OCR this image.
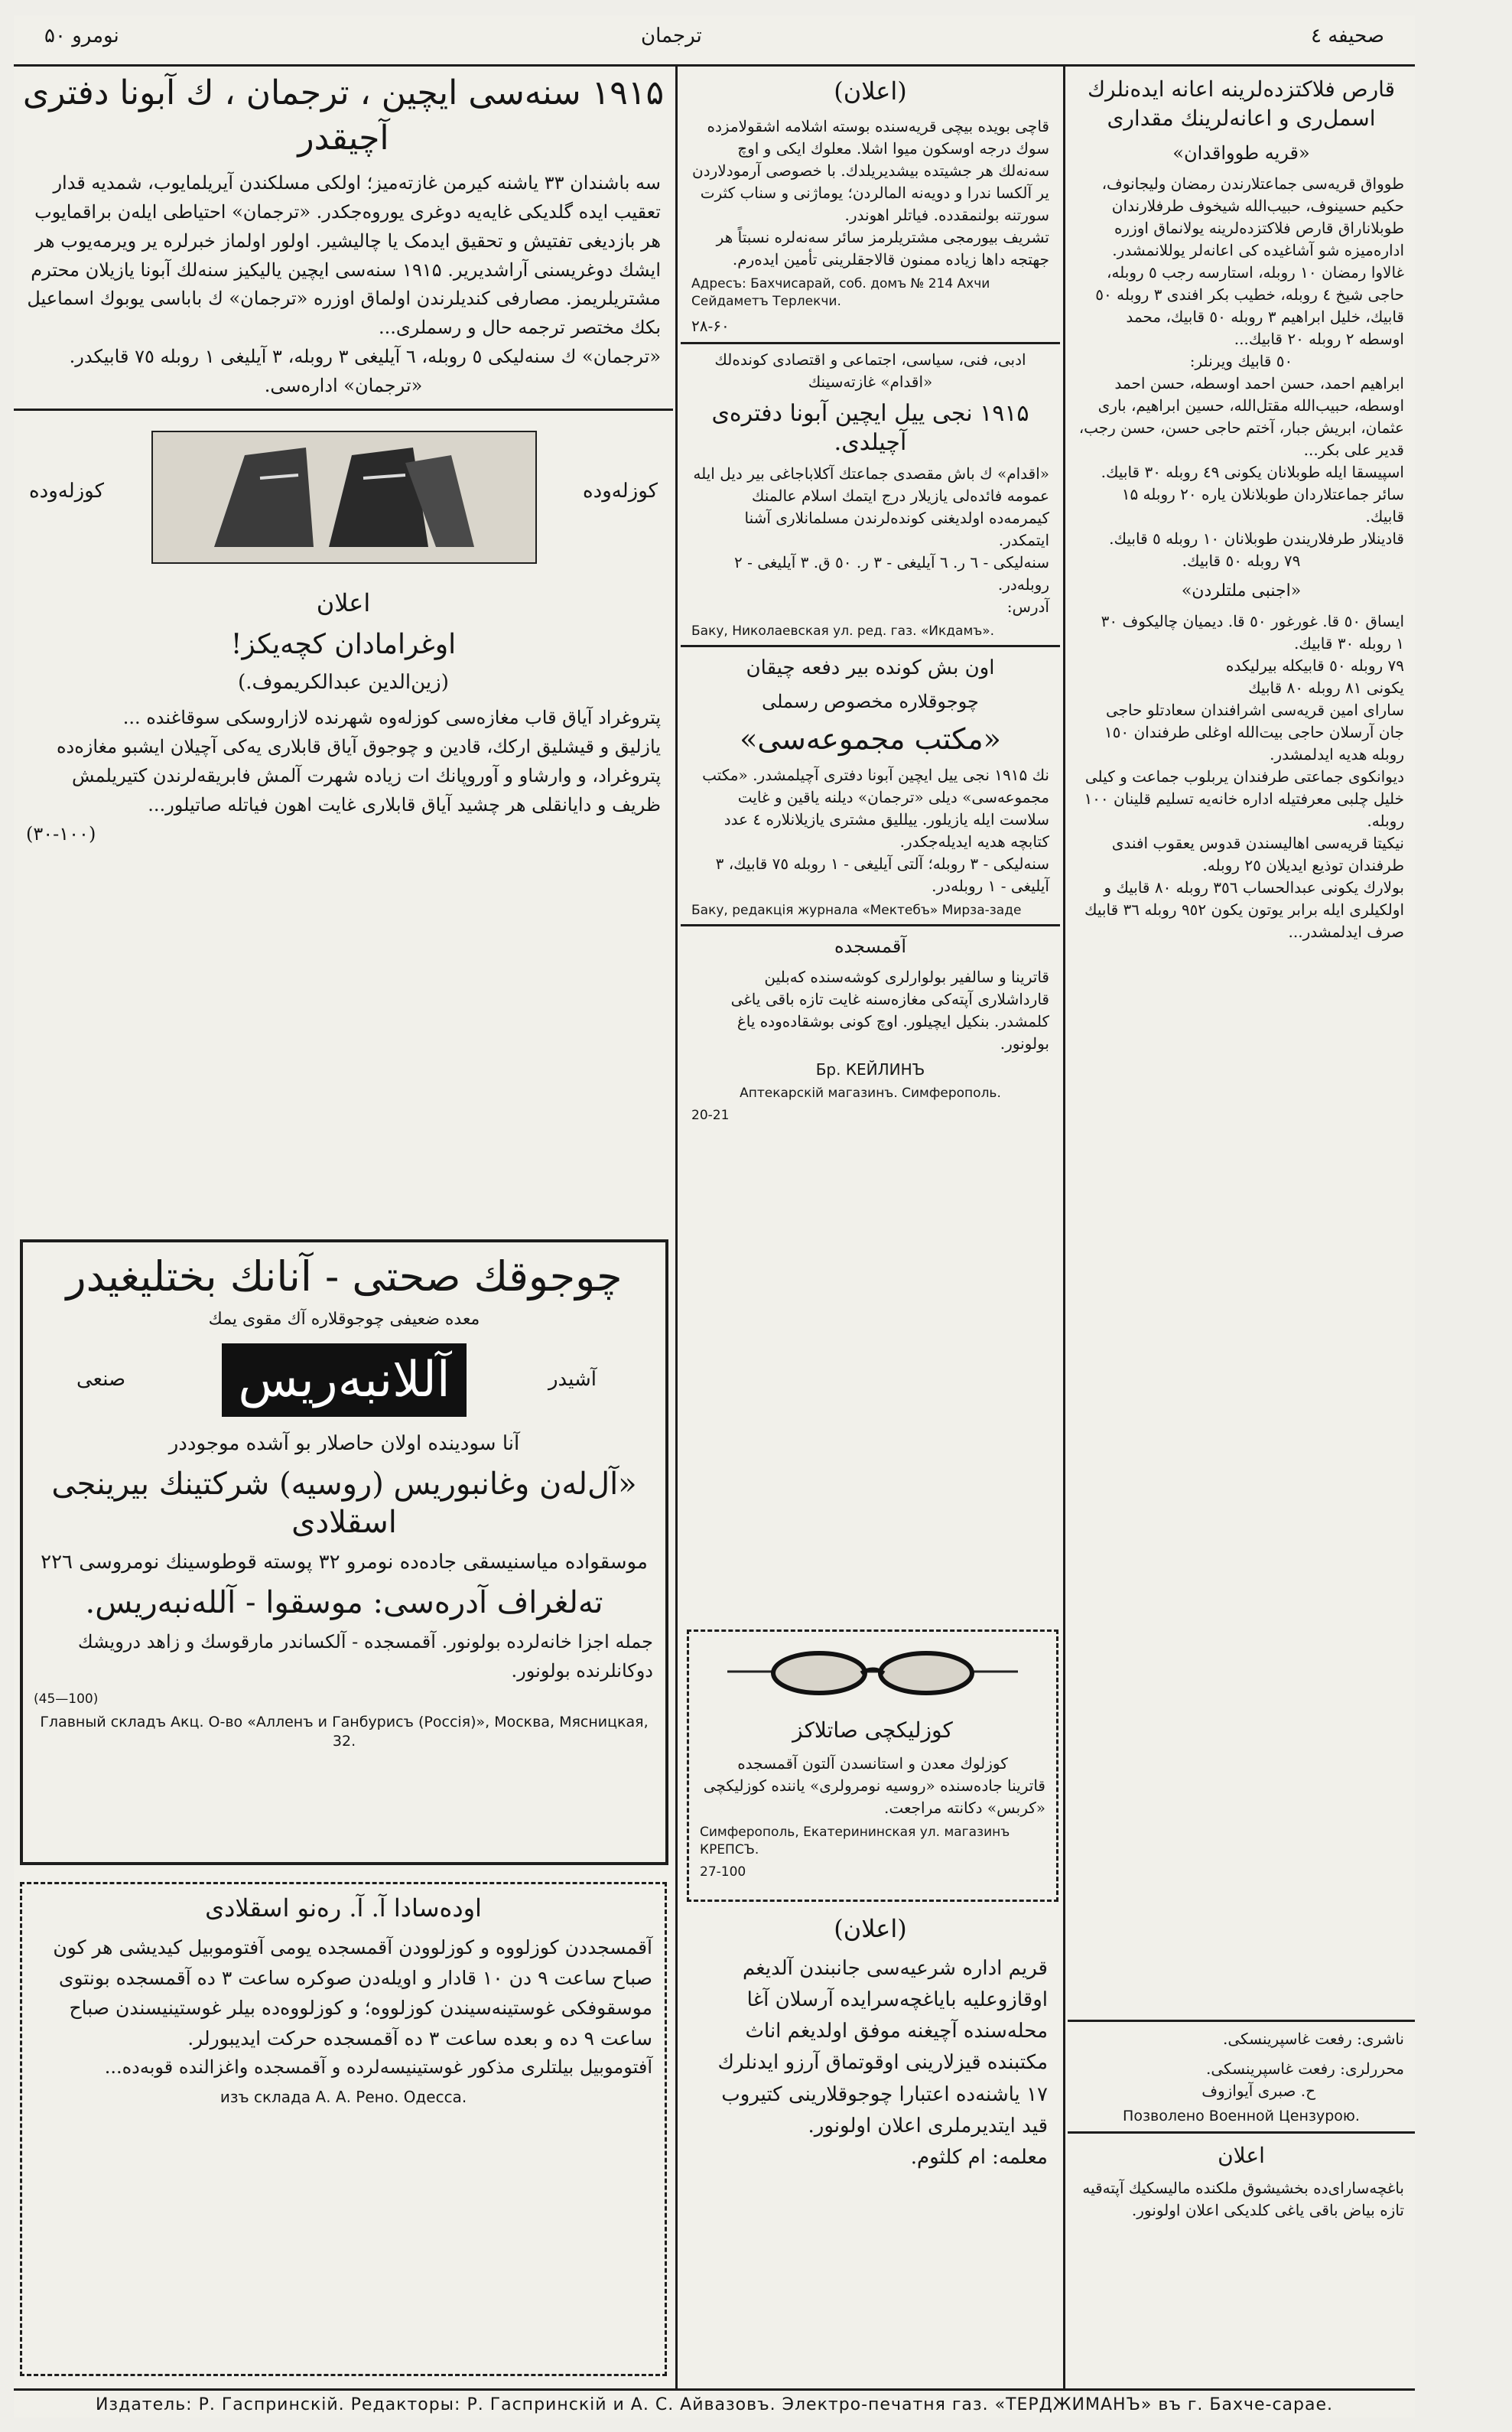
نومرو ۵۰	ترجمان	صحیفه ٤
۱۹۱۵ سنه‌سی ایچین ، ترجمان ، ك آبونا دفتری آچیقدر
سه باشندان ۳۳ یاشنه کیرمن غازته‌میز؛ اولکی مسلکندن آیریلمایوب، شمدیه قدار تعقیب ایده گلدیکی غایه‌یه دوغری یوروه‌جکدر. «ترجمان» احتیاطی ایله‌ن براقمایوب هر بازدیغی تفتیش و تحقیق ایدمک یا چالیشیر. اولور اولماز خبرلره یر ویرمه‌یوب هر ایشك دوغریسنی آراشدیریر. ۱۹۱۵ سنه‌سی ایچین یالیکیز سنه‌لك آبونا یازیلان محترم مشتریلریمز. مصارفی کندیلرندن اولماق اوزره «ترجمان» ك باباسی یوبوك اسماعیل بکك مختصر ترجمه حال و رسملری...
«ترجمان» ك سنه‌لیکی ٥ روبله، ٦ آیلیغی ٣ روبله، ٣ آیلیغی ١ روبله ٧٥ قابیکدر.
«ترجمان» اداره‌سی.
کوزله‌وده	کوزله‌وده
اعلان
اوغرامادان کچه‌یکز!
(زین‌الدین عبدالکریموف.)
پتروغراد آیاق قاب مغازه‌سی کوزله‌وه شهرنده لازاروسکی سوقاغنده ...
یازلیق و قیشلیق ارکك، قادین و چوجوق آیاق قابلاری یه‌کی آچیلان ایشبو مغازه‌ده پتروغراد، و وارشاو و آوروپانك ات زیاده شهرت آلمش فابریقه‌لرندن کتیریلمش ظریف و دایانقلی هر چشید آیاق قابلاری غایت اهون فیاتله صاتیلور...
(۳۰-۱۰۰)
چوجوقك صحتی - آنانك بختلیغیدر
معده ضعیفی چوجوقلاره آك مقوی یمك
صنعی	آللانبه‌ریس	آشیدر
آنا سودینده اولان حاصلار بو آشده موجوددر
«آل‌له‌ن وغانبوریس (روسیه) شرکتینك بیرینجی اسقلادی
موسقواده میاسنیسقی جاده‌ده نومرو ٣٢ پوسته قوطوسینك نومروسی ٢٢٦
ته‌لغراف آدره‌سی: موسقوا - آلله‌نبه‌ریس.
جمله اجزا خانه‌لرده بولونور. آقمسجده - آلکساندر مارقوسك و زاهد درویشك دوکانلرنده بولونور.
(45—100)
Главный складъ Акц. О-во «Алленъ и Ганбурисъ (Россія)», Москва, Мясницкая, 32.
اوده‌سادا آ. آ. ره‌نو اسقلادی
آقمسجددن کوزلووه و کوزلوودن آقمسجده یومی آفتوموبیل کیدیشی هر کون صباح ساعت ٩ دن ١٠ قادار و اویله‌دن صوکره ساعت ٣ ده آقمسجده بونتوی موسقوفکی غوستینه‌سیندن کوزلووه؛ و کوزلووه‌ده بیلر غوستینیسندن صباح ساعت ٩ ده و بعده ساعت ٣ ده آقمسجده حرکت ایدیبورلر.
آفتوموبیل بیلتلری مذکور غوستینیسه‌لرده و آقمسجده واغزالنده قوبه‌ده...
изъ склада А. А. Рено. Одесса.
(اعلان)
قاچی بویده بیچی قریه‌سنده بوسته اشلامه اشقولامزده سوك درجه اوسکون میوا اشلا. معلوك ایکی و اوچ سه‌نه‌لك هر جشیتده بیشدیریلدك. با خصوصی آرمودلاردن یر آلکسا ندرا و دویه‌نه المالردن؛ یوماژنی و سناب کثرت سورتنه بولنمقدده. فیاتلر اهوندر.
تشریف بیورمجی مشتریلرمز سائر سه‌نه‌لره نسبتاً هر جهتجه داها زیاده ممنون قالاجقلرینی تأمین ایده‌رم.
Адресъ: Бахчисарай, соб. домъ № 214 Ахчи Сейдаметъ Терлекчи.
۲۸-۶۰
ادبی، فنی، سیاسی، اجتماعی و اقتصادی کونده‌لك «اقدام» غازته‌سینك
۱۹۱۵ نجی ییل ایچین آبونا دفتره‌ی آچیلدی.
«اقدام» ك باش مقصدی جماعتك آکلاباجاغی بیر دیل ایله عمومه فائده‌لی یازیلار درج ایتمك اسلام عالمنك کیمرمه‌ده اولدیغنی کونده‌لرندن مسلمانلاری آشنا ایتمکدر.
سنه‌لیکی - ٦ ر. ٦ آیلیغی - ٣ ر. ٥٠ ق. ٣ آیلیغی - ٢ روبله‌در.
آدرس:
Баку, Николаевская ул. ред. газ. «Икдамъ».
اون بش کونده بیر دفعه چیقان
چوجوقلاره مخصوص رسملی
«مکتب مجموعه‌سی»
نك ۱۹۱۵ نجی ییل ایچین آبونا دفتری آچیلمشدر. «مکتب مجموعه‌سی» دیلی «ترجمان» دیلنه یاقین و غایت سلاست ایله یازیلور. ییللیق مشتری یازیلانلاره ٤ عدد کتابچه هدیه ایدیله‌جکدر.
سنه‌لیکی - ٣ روبله؛ آلتی آیلیغی - ١ روبله ٧٥ قابیك، ٣ آیلیغی - ١ روبله‌در.
Баку, редакція журнала «Мектебъ» Мирза-заде
آقمسجده
قاترینا و سالفیر بولوارلری کوشه‌سنده که‌بلین قارداشلاری آپته‌کی مغازه‌سنه غایت تازه باقی یاغی کلمشدر. بنکیل ایچیلور. اوچ کونی بوشقاده‌وده یاغ بولونور.
Бр. КЕЙЛИНЪ
Аптекарскій магазинъ. Симферополь.
20-21
کوزلیکچی صاتلاکز
کوزلوك معدن و استانسدن آلتون آقمسجده
قاترینا جاده‌سنده «روسیه نومرولری» یاننده کوزلیکچی «کربس» دکانته مراجعت.
Симферополь, Екатерининская ул. магазинъ КРЕПСЪ.
27-100
(اعلان)
قریم اداره شرعیه‌سی جانبندن آلدیغم اوقازوعلیه بایاغچه‌سرایده آرسلان آغا محله‌سنده آچیغنه موفق اولدیغم اناث مکتبنده قیزلارینی اوقوتماق آرزو ایدنلرك ١٧ یاشنه‌ده اعتبارا چوجوقلارینی کتیروب قید ایتدیرملری اعلان اولونور.
معلمه: ام کلثوم.
قارص فلاکتزده‌لرینه اعانه ایده‌نلرك اسمل‌ری و اعانه‌لرینك مقداری
«قریه طوواقدان»
طوواق قریه‌سی جماعتلارندن رمضان ولیجانوف، حکیم حسینوف، حبیب‌الله شیخوف طرفلارندان طوبلاناراق قارص فلاکتزده‌لرینه یولانماق اوزره اداره‌میزه شو آشاغیده کی اعانه‌لر یوللانمشدر.
غالاوا رمضان ١٠ روبله، استارسه رجب ٥ روبله، حاجی شیخ ٤ روبله، خطیب بکر افندی ٣ روبله ٥٠ قابیك، خلیل ابراهیم ٣ روبله ٥٠ قابیك، محمد اوسطه ٢ روبله ٢٠ قابیك...
٥٠ قابیك ویرنلر:
ابراهیم احمد، حسن احمد اوسطه، حسن احمد اوسطه، حبیب‌الله مقتل‌الله، حسین ابراهیم، باری عثمان، ابریش جبار، آختم حاجی حسن، حسن رجب، قدیر علی بکر...
اسپیسقا ایله طوبلانان یکونی ٤٩ روبله ٣٠ قابیك.
سائر جماعتلاردان طوبلانلان یاره ۲۰ روبله ۱۵ قابیك.
قادینلار طرفلاریندن طوبلانان ١٠ روبله ٥ قابیك.
٧٩ روبله ٥٠ قابیك.
«اجنبی ملتلردن»
ایساق ٥٠ قا. غورغور ٥٠ قا. دیمیان چالیکوف ٣٠
١ روبله ٣٠ قابیك.
٧٩ روبله ٥٠ قابیكله بیرلیکده
یکونی ٨١ روبله ٨٠ قابیك
سارای امین قریه‌سی اشرافندان سعادتلو حاجی جان آرسلان حاجی بیت‌الله اوغلی طرفندان ١٥٠ روبله هدیه ایدلمشدر.
دیوانکوی جماعتی طرفندان یربلوب جماعت و کیلی خلیل چلبی معرفتیله اداره خانه‌یه تسلیم قلینان ١٠٠ روبله.
نیکیتا قریه‌سی اهالیسندن قدوس یعقوب افندی طرفندان توذیع ایدیلان ٢٥ روبله.
بولارك یکونی عبدالحساب ٣٥٦ روبله ٨٠ قابیك و اولکیلری ایله برابر یوتون یکون ۹٥۲ روبله ٣٦ قابیك صرف ایدلمشدر...
ناشری: رفعت غاسپرینسکی.
محررلری: رفعت غاسپرینسکی.
ح. صبری آیوازوف
Позволено Военной Цензурою.
اعلان
باغچه‌سارای‌ده بخشیشوق ملکنده ماليسکیك آپته‌قیه تازه بیاض باقی یاغی کلدیکی اعلان اولونور.
Издатель: Р. Гаспринскій. Редакторы: Р. Гаспринскій и А. С. Айвазовъ. Электро-печатня газ. «ТЕРДЖИМАНЪ» въ г. Бахче-сарае.
